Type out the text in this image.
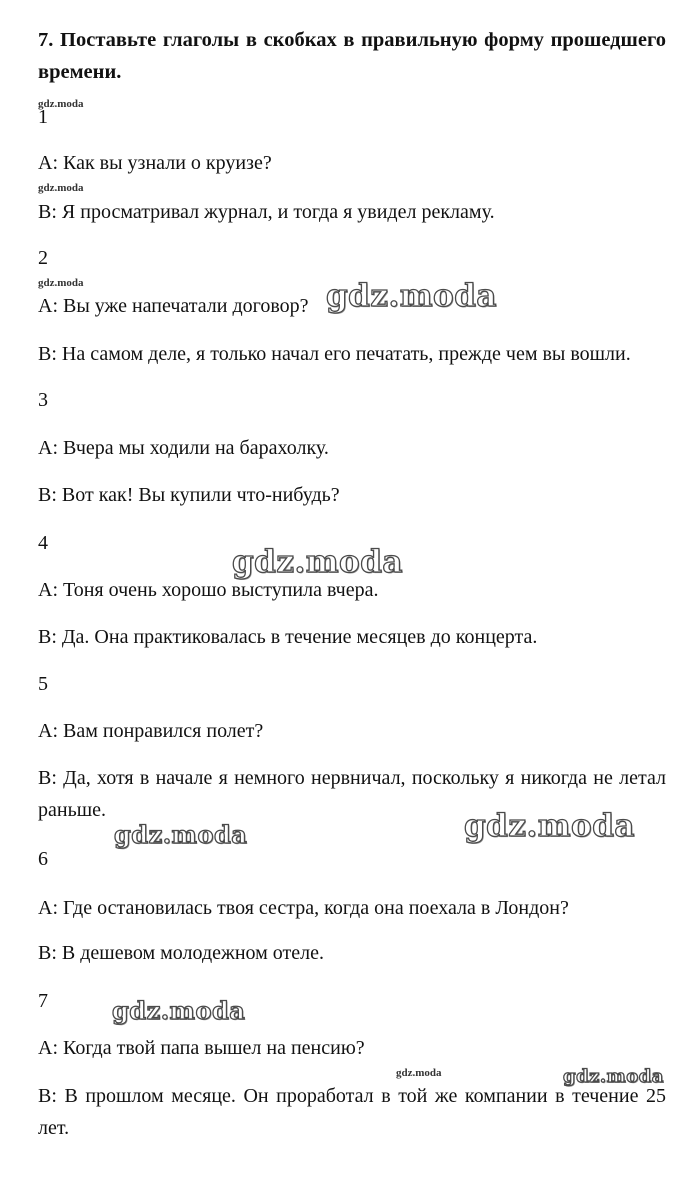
7. Поставьте глаголы в скобках в правильную форму прошедшего времени.
1
A: Как вы узнали о круизе?
B: Я просматривал журнал, и тогда я увидел рекламу.
2
A: Вы уже напечатали договор?
B: На самом деле, я только начал его печатать, прежде чем вы вошли.
3
A: Вчера мы ходили на барахолку.
B: Вот как! Вы купили что-нибудь?
4
A: Тоня очень хорошо выступила вчера.
B: Да. Она практиковалась в течение месяцев до концерта.
5
A: Вам понравился полет?
B: Да, хотя в начале я немного нервничал, поскольку я никогда не летал раньше.
6
A: Где остановилась твоя сестра, когда она поехала в Лондон?
B: В дешевом молодежном отеле.
7
A: Когда твой папа вышел на пенсию?
B: В прошлом месяце. Он проработал в той же компании в течение 25 лет.
gdz.moda
gdz.moda
gdz.moda	gdz.moda
gdz.moda
gdz.moda	gdz.moda
gdz.moda
gdz.moda	gdz.moda
